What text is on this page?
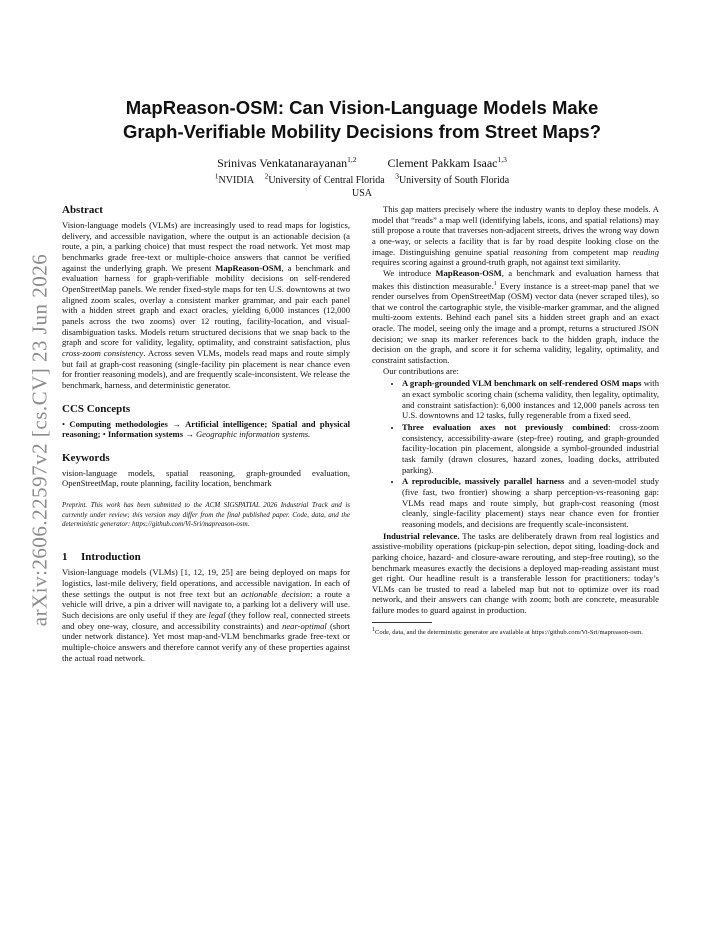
arXiv:2606.22597v2 [cs.CV] 23 Jun 2026
MapReason-OSM: Can Vision-Language Models Make
Graph-Verifiable Mobility Decisions from Street Maps?
Srinivas Venkatanarayanan$^{1,2}$	Clement Pakkam Isaac$^{1,3}$
$^1$NVIDIA $^2$University of Central Florida $^3$University of South Florida
USA
Abstract

Vision-language models (VLMs) are increasingly used to read maps for logistics, delivery, and accessible navigation, where the output is an actionable decision (a route, a pin, a parking choice) that must respect the road network. Yet most map benchmarks grade free-text or multiple-choice answers that cannot be verified against the underlying graph. We present MapReason-OSM, a benchmark and evaluation harness for graph-verifiable mobility decisions on self-rendered OpenStreetMap panels. We render fixed-style maps for ten U.S. downtowns at two aligned zoom scales, overlay a consistent marker grammar, and pair each panel with a hidden street graph and exact oracles, yielding 6,000 instances (12,000 panels across the two zooms) over 12 routing, facility-location, and visual-disambiguation tasks. Models return structured decisions that we snap back to the graph and score for validity, legality, optimality, and constraint satisfaction, plus cross-zoom consistency. Across seven VLMs, models read maps and route simply but fail at graph-cost reasoning (single-facility pin placement is near chance even for frontier reasoning models), and are frequently scale-inconsistent. We release the benchmark, harness, and deterministic generator.

CCS Concepts

• Computing methodologies → Artificial intelligence; Spatial and physical reasoning; • Information systems → Geographic information systems.

Keywords

vision-language models, spatial reasoning, graph-grounded evaluation, OpenStreetMap, route planning, facility location, benchmark

Preprint. This work has been submitted to the ACM SIGSPATIAL 2026 Industrial Track and is currently under review; this version may differ from the final published paper. Code, data, and the deterministic generator: https://github.com/Vi-Sri/mapreason-osm.

1 Introduction

Vision-language models (VLMs) [1, 12, 19, 25] are being deployed on maps for logistics, last-mile delivery, field operations, and accessible navigation. In each of these settings the output is not free text but an actionable decision: a route a vehicle will drive, a pin a driver will navigate to, a parking lot a delivery will use. Such decisions are only useful if they are legal (they follow real, connected streets and obey one-way, closure, and accessibility constraints) and near-optimal (short under network distance). Yet most map-and-VLM benchmarks grade free-text or multiple-choice answers and therefore cannot verify any of these properties against the actual road network.

This gap matters precisely where the industry wants to deploy these models. A model that “reads” a map well (identifying labels, icons, and spatial relations) may still propose a route that traverses non-adjacent streets, drives the wrong way down a one-way, or selects a facility that is far by road despite looking close on the image. Distinguishing genuine spatial reasoning from competent map reading requires scoring against a ground-truth graph, not against text similarity.

We introduce MapReason-OSM, a benchmark and evaluation harness that makes this distinction measurable.$^1$ Every instance is a street-map panel that we render ourselves from OpenStreetMap (OSM) vector data (never scraped tiles), so that we control the cartographic style, the visible-marker grammar, and the aligned multi-zoom extents. Behind each panel sits a hidden street graph and an exact oracle. The model, seeing only the image and a prompt, returns a structured JSON decision; we snap its marker references back to the hidden graph, induce the decision on the graph, and score it for schema validity, legality, optimality, and constraint satisfaction.

Our contributions are:

• A graph-grounded VLM benchmark on self-rendered OSM maps with an exact symbolic scoring chain (schema validity, then legality, optimality, and constraint satisfaction): 6,000 instances and 12,000 panels across ten U.S. downtowns and 12 tasks, fully regenerable from a fixed seed.
• Three evaluation axes not previously combined: cross-zoom consistency, accessibility-aware (step-free) routing, and graph-grounded facility-location pin placement, alongside a symbol-grounded industrial task family (drawn closures, hazard zones, loading docks, attributed parking).
• A reproducible, massively parallel harness and a seven-model study (five fast, two frontier) showing a sharp perception-vs-reasoning gap: VLMs read maps and route simply, but graph-cost reasoning (most cleanly, single-facility placement) stays near chance even for frontier reasoning models, and decisions are frequently scale-inconsistent.

Industrial relevance. The tasks are deliberately drawn from real logistics and assistive-mobility operations (pickup-pin selection, depot siting, loading-dock and parking choice, hazard- and closure-aware rerouting, and step-free routing), so the benchmark measures exactly the decisions a deployed map-reading assistant must get right. Our headline result is a transferable lesson for practitioners: today’s VLMs can be trusted to read a labeled map but not to optimize over its road network, and their answers can change with zoom; both are concrete, measurable failure modes to guard against in production.

$^1$Code, data, and the deterministic generator are available at https://github.com/Vi-Sri/mapreason-osm.
